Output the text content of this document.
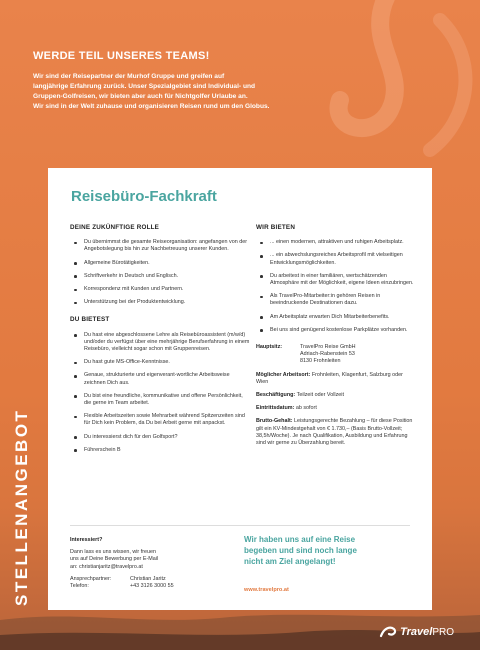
WERDE TEIL UNSERES TEAMS!

Wir sind der Reisepartner der Murhof Gruppe und greifen auf
langjährige Erfahrung zurück. Unser Spezialgebiet sind Individual- und
Gruppen-Golfreisen, wir bieten aber auch für Nichtgolfer Urlaube an.
Wir sind in der Welt zuhause und organisieren Reisen rund um den Globus.

STELLENANGEBOT
Reisebüro-Fachkraft
DEINE ZUKÜNFTIGE ROLLE
Du übernimmst die gesamte Reiseorganisation: angefangen von der Angebotslegung bis hin zur Nachbetreuung unserer Kunden.
Allgemeine Bürotätigkeiten.
Schriftverkehr in Deutsch und Englisch.
Korrespondenz mit Kunden und Partnern.
Unterstützung bei der Produktentwicklung.
DU BIETEST
Du hast eine abgeschlossene Lehre als Reisebüroassistent (m/w/d) und/oder du verfügst über eine mehrjährige Berufserfahrung in einem Reisebüro, vielleicht sogar schon mit Gruppenreisen.
Du hast gute MS-Office-Kenntnisse.
Genaue, strukturierte und eigenverant-wortliche Arbeitsweise zeichnen Dich aus.
Du bist eine freundliche, kommunikative und offene Persönlichkeit, die gerne im Team arbeitet.
Flexible Arbeitszeiten sowie Mehrarbeit während Spitzenzeiten sind für Dich kein Problem, da Du bei Arbeit gerne mit anpackst.
Du interessierst dich für den Golfsport?
Führerschein B
WIR BIETEN
... einen modernen, attraktiven und ruhigen Arbeitsplatz.
... ein abwechslungsreiches Arbeitsprofil mit vielseitigen Entwicklungsmöglichkeiten.
Du arbeitest in einer familiären, wertschätzenden Atmosphäre mit der Möglichkeit, eigene Ideen einzubringen.
Als TravelPro-Mitarbeiter:in gehören Reisen in beeindruckende Destinationen dazu.
Am Arbeitsplatz erwarten Dich Mitarbeiterbenefits.
Bei uns sind genügend kostenlose Parkplätze vorhanden.
Hauptsitz:	TravelPro Reise GmbH
Adriach-Rabenstein 53
8130 Frohnleiten
Möglicher Arbeitsort: Frohnleiten, Klagenfurt, Salzburg oder Wien
Beschäftigung: Teilzeit oder Vollzeit
Eintrittsdatum: ab sofort
Brutto-Gehalt: Leistungsgerechte Bezahlung – für diese Position gilt ein KV-Mindestgehalt von € 1.730,– (Basis Brutto-Vollzeit; 38,5h/Woche). Je nach Qualifikation, Ausbildung und Erfahrung sind wir gerne zu Überzahlung bereit.
Interessiert?
Dann lass es uns wissen, wir freuen
uns auf Deine Bewerbung per E-Mail
an: christianjaritz@travelpro.at
Ansprechpartner:	Christian Jaritz
Telefon:	+43 3126 3000 55
Wir haben uns auf eine Reise
begeben und sind noch lange
nicht am Ziel angelangt!
www.travelpro.at
TravelPRO
